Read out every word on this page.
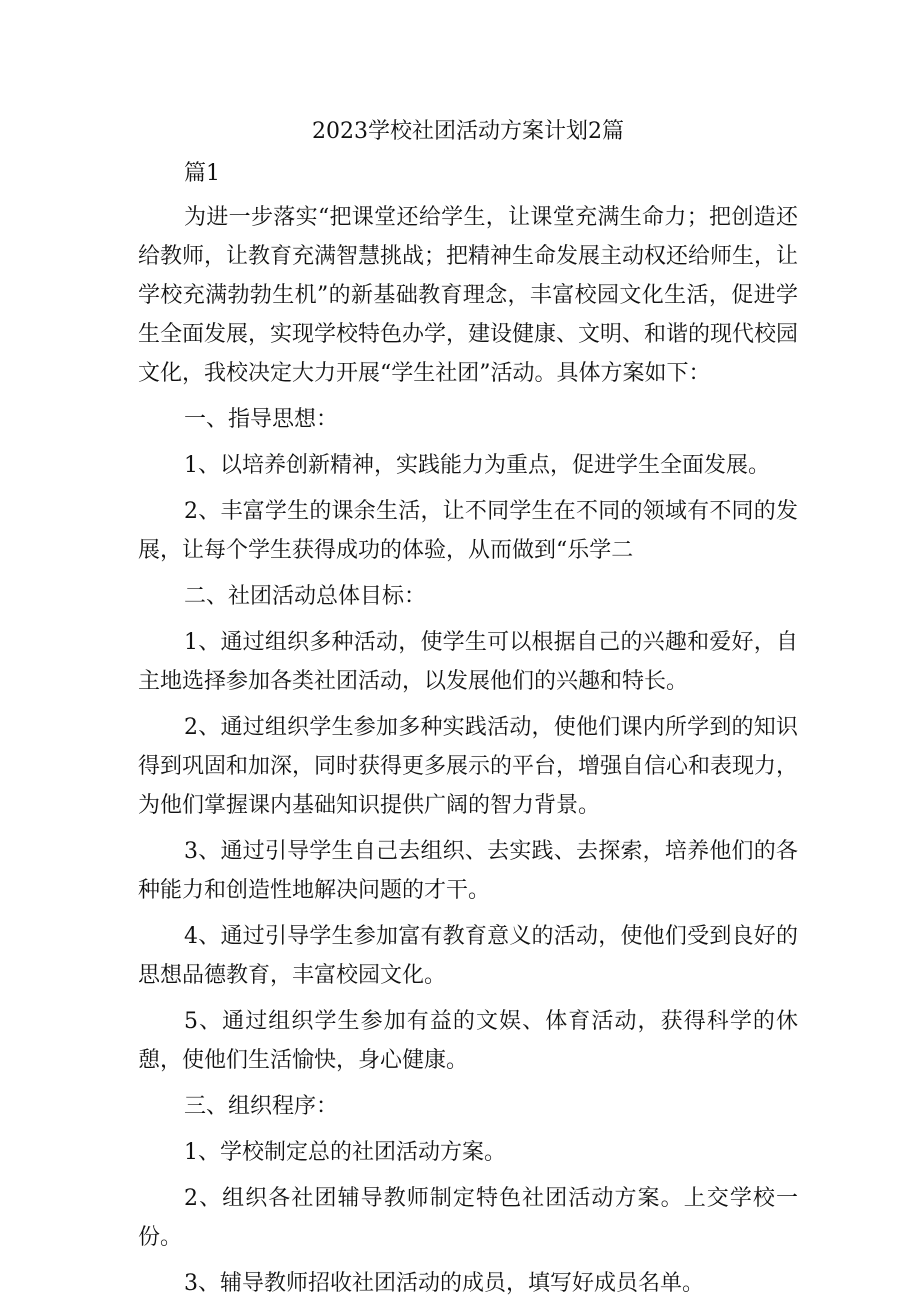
2023学校社团活动方案计划2篇
篇1

为进一步落实“把课堂还给学生，让课堂充满生命力；把创造还给教师，让教育充满智慧挑战；把精神生命发展主动权还给师生，让学校充满勃勃生机”的新基础教育理念，丰富校园文化生活，促进学生全面发展，实现学校特色办学，建设健康、文明、和谐的现代校园文化，我校决定大力开展“学生社团”活动。具体方案如下：

一、指导思想：

1、以培养创新精神，实践能力为重点，促进学生全面发展。

2、丰富学生的课余生活，让不同学生在不同的领域有不同的发展，让每个学生获得成功的体验，从而做到“乐学二

二、社团活动总体目标：

1、通过组织多种活动，使学生可以根据自己的兴趣和爱好，自主地选择参加各类社团活动，以发展他们的兴趣和特长。

2、通过组织学生参加多种实践活动，使他们课内所学到的知识得到巩固和加深，同时获得更多展示的平台，增强自信心和表现力，为他们掌握课内基础知识提供广阔的智力背景。

3、通过引导学生自己去组织、去实践、去探索，培养他们的各种能力和创造性地解决问题的才干。

4、通过引导学生参加富有教育意义的活动，使他们受到良好的思想品德教育，丰富校园文化。

5、通过组织学生参加有益的文娱、体育活动，获得科学的休憩，使他们生活愉快，身心健康。

三、组织程序：

1、学校制定总的社团活动方案。

2、组织各社团辅导教师制定特色社团活动方案。上交学校一份。

3、辅导教师招收社团活动的成员，填写好成员名单。
